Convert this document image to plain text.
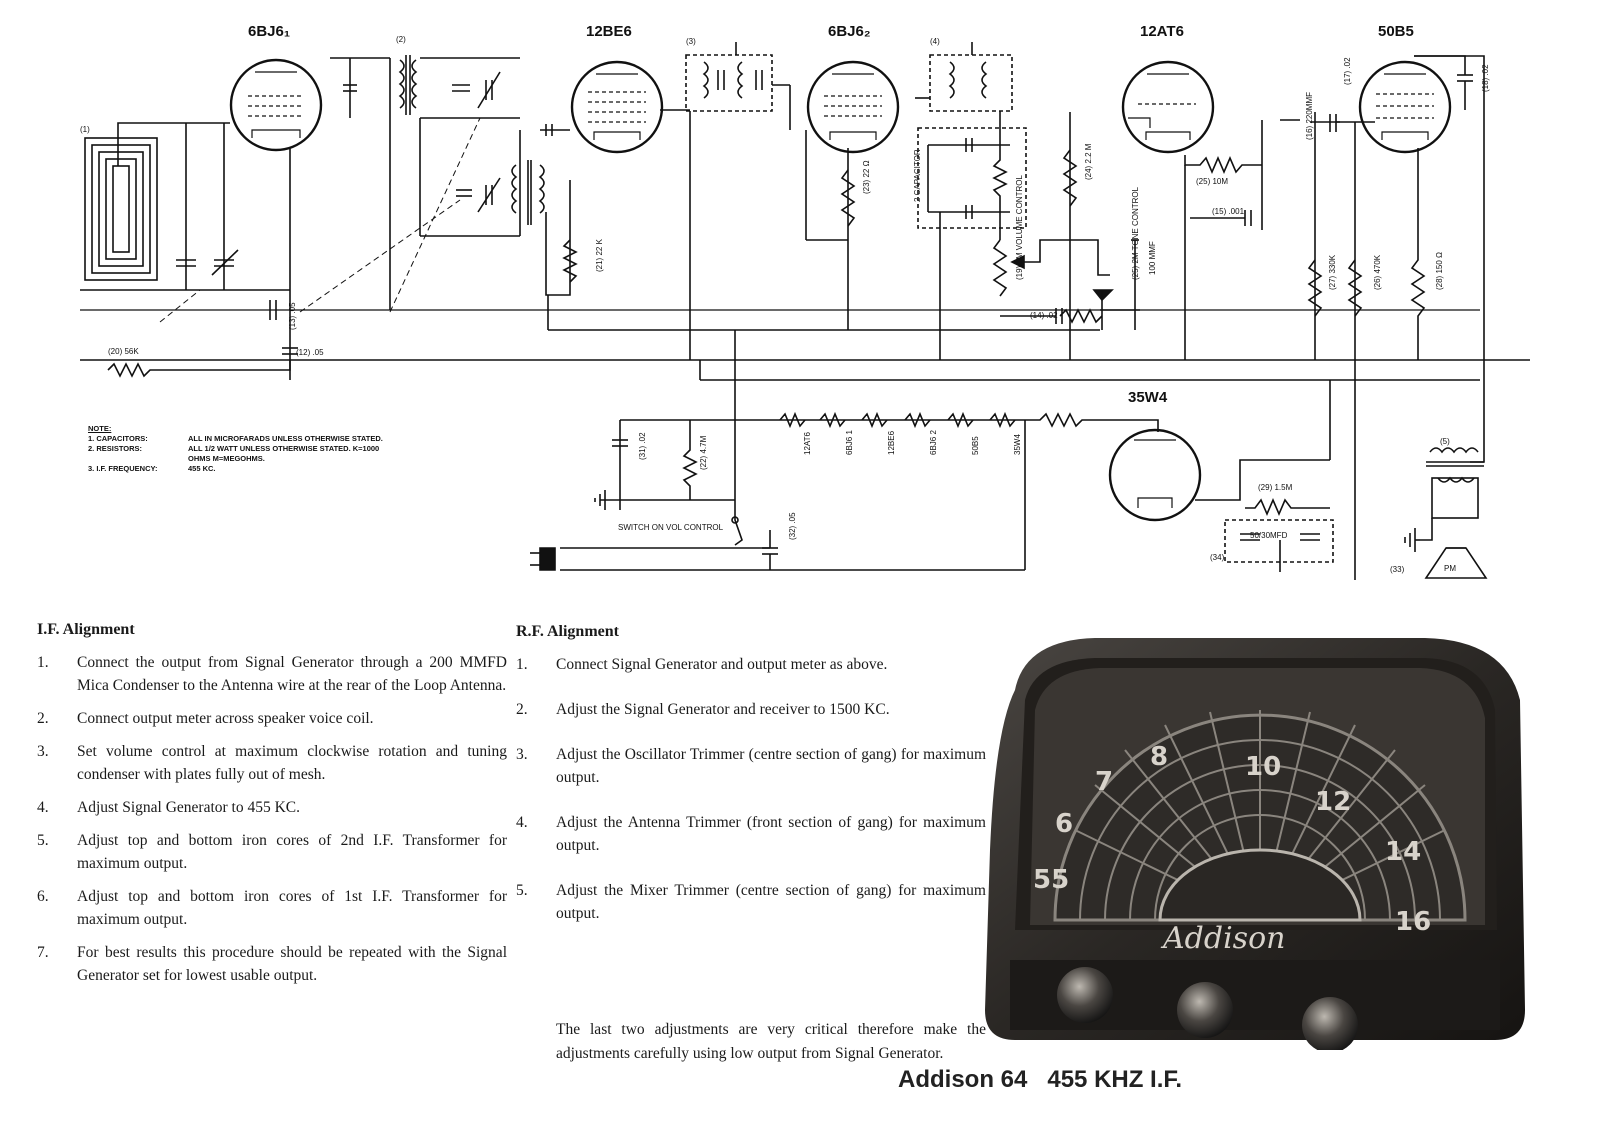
6BJ6₁	12BE6	6BJ6₂	12AT6	50B5
35W4
(1)
(2)	(3)	(4)
(5)
(20) 56K	(12) .05
(13) .05
(21) 22 K
(22) 4.7M
(23) 22 Ω	(24) 2.2 M
(25) 10M
(26) 470K
(27) 330K	(28) 150 Ω
(29) 1.5M
(15) .001
(14) .02
(16) 220MMF
(17) .02	(18) .02
(31) .02
(32) .05
(34)
(33)
50/30MFD
(19) 1M VOLUME CONTROL	(25) 2M TONE CONTROL
SWITCH ON VOL CONTROL
PM
2 CAPACITOR
100 MMF
12AT6	6BJ6 1	12BE6	6BJ6 2	50B5	35W4
NOTE:
1. CAPACITORS:	ALL IN MICROFARADS UNLESS OTHERWISE STATED.
2. RESISTORS:	ALL 1/2 WATT UNLESS OTHERWISE STATED. K=1000 OHMS M=MEGOHMS.
3. I.F. FREQUENCY:	455 KC.
I.F. Alignment
1.	Connect the output from Signal Generator through a 200 MMFD Mica Condenser to the Antenna wire at the rear of the Loop Antenna.
2.	Connect output meter across speaker voice coil.
3.	Set volume control at maximum clockwise rotation and tuning condenser with plates fully out of mesh.
4.	Adjust Signal Generator to 455 KC.
5.	Adjust top and bottom iron cores of 2nd I.F. Transformer for maximum output.
6.	Adjust top and bottom iron cores of 1st I.F. Transformer for maximum output.
7.	For best results this procedure should be repeated with the Signal Generator set for lowest usable output.
R.F. Alignment
1.	Connect Signal Generator and output meter as above.
2.	Adjust the Signal Generator and receiver to 1500 KC.
3.	Adjust the Oscillator Trimmer (centre section of gang) for maximum output.
4.	Adjust the Antenna Trimmer (front section of gang) for maximum output.
5.	Adjust the Mixer Trimmer (centre section of gang) for maximum output.
The last two adjustments are very critical therefore make the adjustments carefully using low output from Signal Generator.
55
6
7
8	10
12
14
16
Addison
Addison 64   455 KHZ I.F.
